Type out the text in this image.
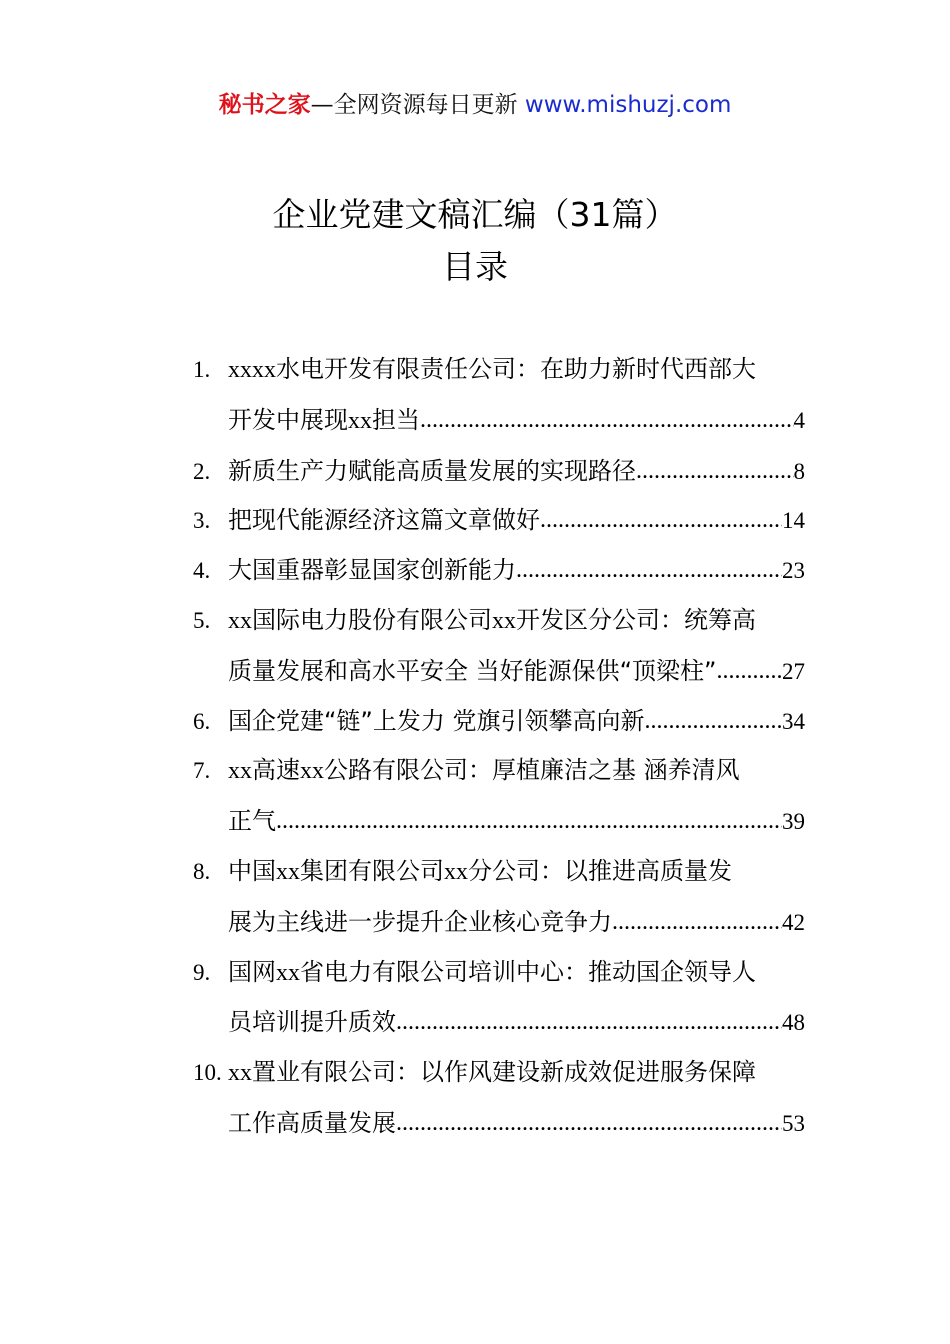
秘书之家—全网资源每日更新 www.mishuzj.com
企业党建文稿汇编（31篇）
目录
1. xxxx水电开发有限责任公司：在助力新时代西部大
开发中展现xx担当 .....	4
2. 新质生产力赋能高质量发展的实现路径 .....	8
3. 把现代能源经济这篇文章做好 .....	14
4. 大国重器彰显国家创新能力 .....	23
5. xx国际电力股份有限公司xx开发区分公司：统筹高
质量发展和高水平安全 当好能源保供“顶梁柱” .....	27
6. 国企党建“链”上发力 党旗引领攀高向新 .....	34
7. xx高速xx公路有限公司：厚植廉洁之基 涵养清风
正气 .....	39
8. 中国xx集团有限公司xx分公司：以推进高质量发
展为主线进一步提升企业核心竞争力 .....	42
9. 国网xx省电力有限公司培训中心：推动国企领导人
员培训提升质效 .....	48
10. xx置业有限公司：以作风建设新成效促进服务保障
工作高质量发展 .....	53
